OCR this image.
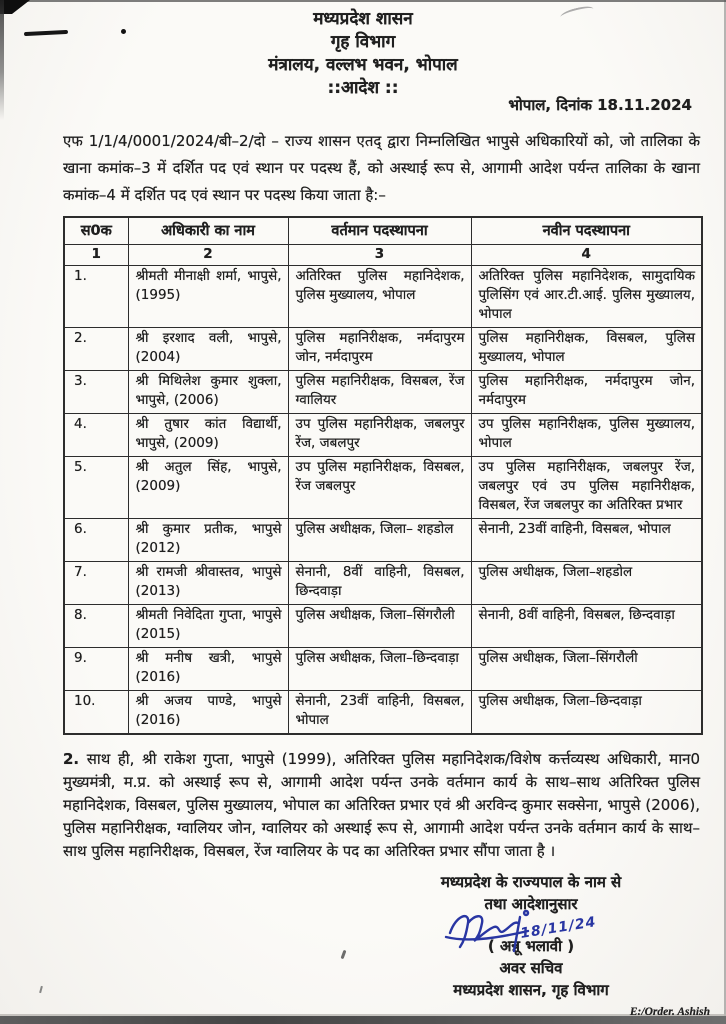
मध्यप्रदेश शासन
गृह विभाग
मंत्रालय, वल्लभ भवन, भोपाल
::आदेश ::
भोपाल, दिनांक 18.11.2024
एफ 1/1/4/0001/2024/बी–2/दो – राज्य शासन एतद् द्वारा निम्नलिखित भापुसे अधिकारियों को, जो तालिका के खाना कमांक–3 में दर्शित पद एवं स्थान पर पदस्थ हैं, को अस्थाई रूप से, आगामी आदेश पर्यन्त तालिका के खाना कमांक–4 में दर्शित पद एवं स्थान पर पदस्थ किया जाता है:–
स0क	अधिकारी का नाम	वर्तमान पदस्थापना	नवीन पदस्थापना
1	2	3	4
1.	श्रीमती मीनाक्षी शर्मा, भापुसे, (1995)	अतिरिक्त पुलिस महानिदेशक, पुलिस मुख्यालय, भोपाल	अतिरिक्त पुलिस महानिदेशक, सामुदायिक पुलिसिंग एवं आर.टी.आई. पुलिस मुख्यालय, भोपाल
2.	श्री इरशाद वली, भापुसे, (2004)	पुलिस महानिरीक्षक, नर्मदापुरम जोन, नर्मदापुरम	पुलिस महानिरीक्षक, विसबल, पुलिस मुख्यालय, भोपाल
3.	श्री मिथिलेश कुमार शुक्ला, भापुसे, (2006)	पुलिस महानिरीक्षक, विसबल, रेंज ग्वालियर	पुलिस महानिरीक्षक, नर्मदापुरम जोन, नर्मदापुरम
4.	श्री तुषार कांत विद्यार्थी, भापुसे, (2009)	उप पुलिस महानिरीक्षक, जबलपुर रेंज, जबलपुर	उप पुलिस महानिरीक्षक, पुलिस मुख्यालय, भोपाल
5.	श्री अतुल सिंह, भापुसे, (2009)	उप पुलिस महानिरीक्षक, विसबल, रेंज जबलपुर	उप पुलिस महानिरीक्षक, जबलपुर रेंज, जबलपुर एवं उप पुलिस महानिरीक्षक, विसबल, रेंज जबलपुर का अतिरिक्त प्रभार
6.	श्री कुमार प्रतीक, भापुसे (2012)	पुलिस अधीक्षक, जिला– शहडोल	सेनानी, 23वीं वाहिनी, विसबल, भोपाल
7.	श्री रामजी श्रीवास्तव, भापुसे (2013)	सेनानी, 8वीं वाहिनी, विसबल, छिन्दवाड़ा	पुलिस अधीक्षक, जिला–शहडोल
8.	श्रीमती निवेदिता गुप्ता, भापुसे (2015)	पुलिस अधीक्षक, जिला–सिंगरौली	सेनानी, 8वीं वाहिनी, विसबल, छिन्दवाड़ा
9.	श्री मनीष खत्री, भापुसे (2016)	पुलिस अधीक्षक, जिला–छिन्दवाड़ा	पुलिस अधीक्षक, जिला–सिंगरौली
10.	श्री अजय पाण्डे, भापुसे (2016)	सेनानी, 23वीं वाहिनी, विसबल, भोपाल	पुलिस अधीक्षक, जिला–छिन्दवाड़ा
2. साथ ही, श्री राकेश गुप्ता, भापुसे (1999), अतिरिक्त पुलिस महानिदेशक/विशेष कर्त्तव्यस्थ अधिकारी, मान0 मुख्यमंत्री, म.प्र. को अस्थाई रूप से, आगामी आदेश पर्यन्त उनके वर्तमान कार्य के साथ–साथ अतिरिक्त पुलिस महानिदेशक, विसबल, पुलिस मुख्यालय, भोपाल का अतिरिक्त प्रभार एवं श्री अरविन्द कुमार सक्सेना, भापुसे (2006), पुलिस महानिरीक्षक, ग्वालियर जोन, ग्वालियर को अस्थाई रूप से, आगामी आदेश पर्यन्त उनके वर्तमान कार्य के साथ–साथ पुलिस महानिरीक्षक, विसबल, रेंज ग्वालियर के पद का अतिरिक्त प्रभार सौंपा जाता है ।
मध्यप्रदेश के राज्यपाल के नाम से
तथा आदेशानुसार
18/11/24
( अन्नू भलावी )
अवर सचिव
मध्यप्रदेश शासन, गृह विभाग
E:/Order. Ashish
